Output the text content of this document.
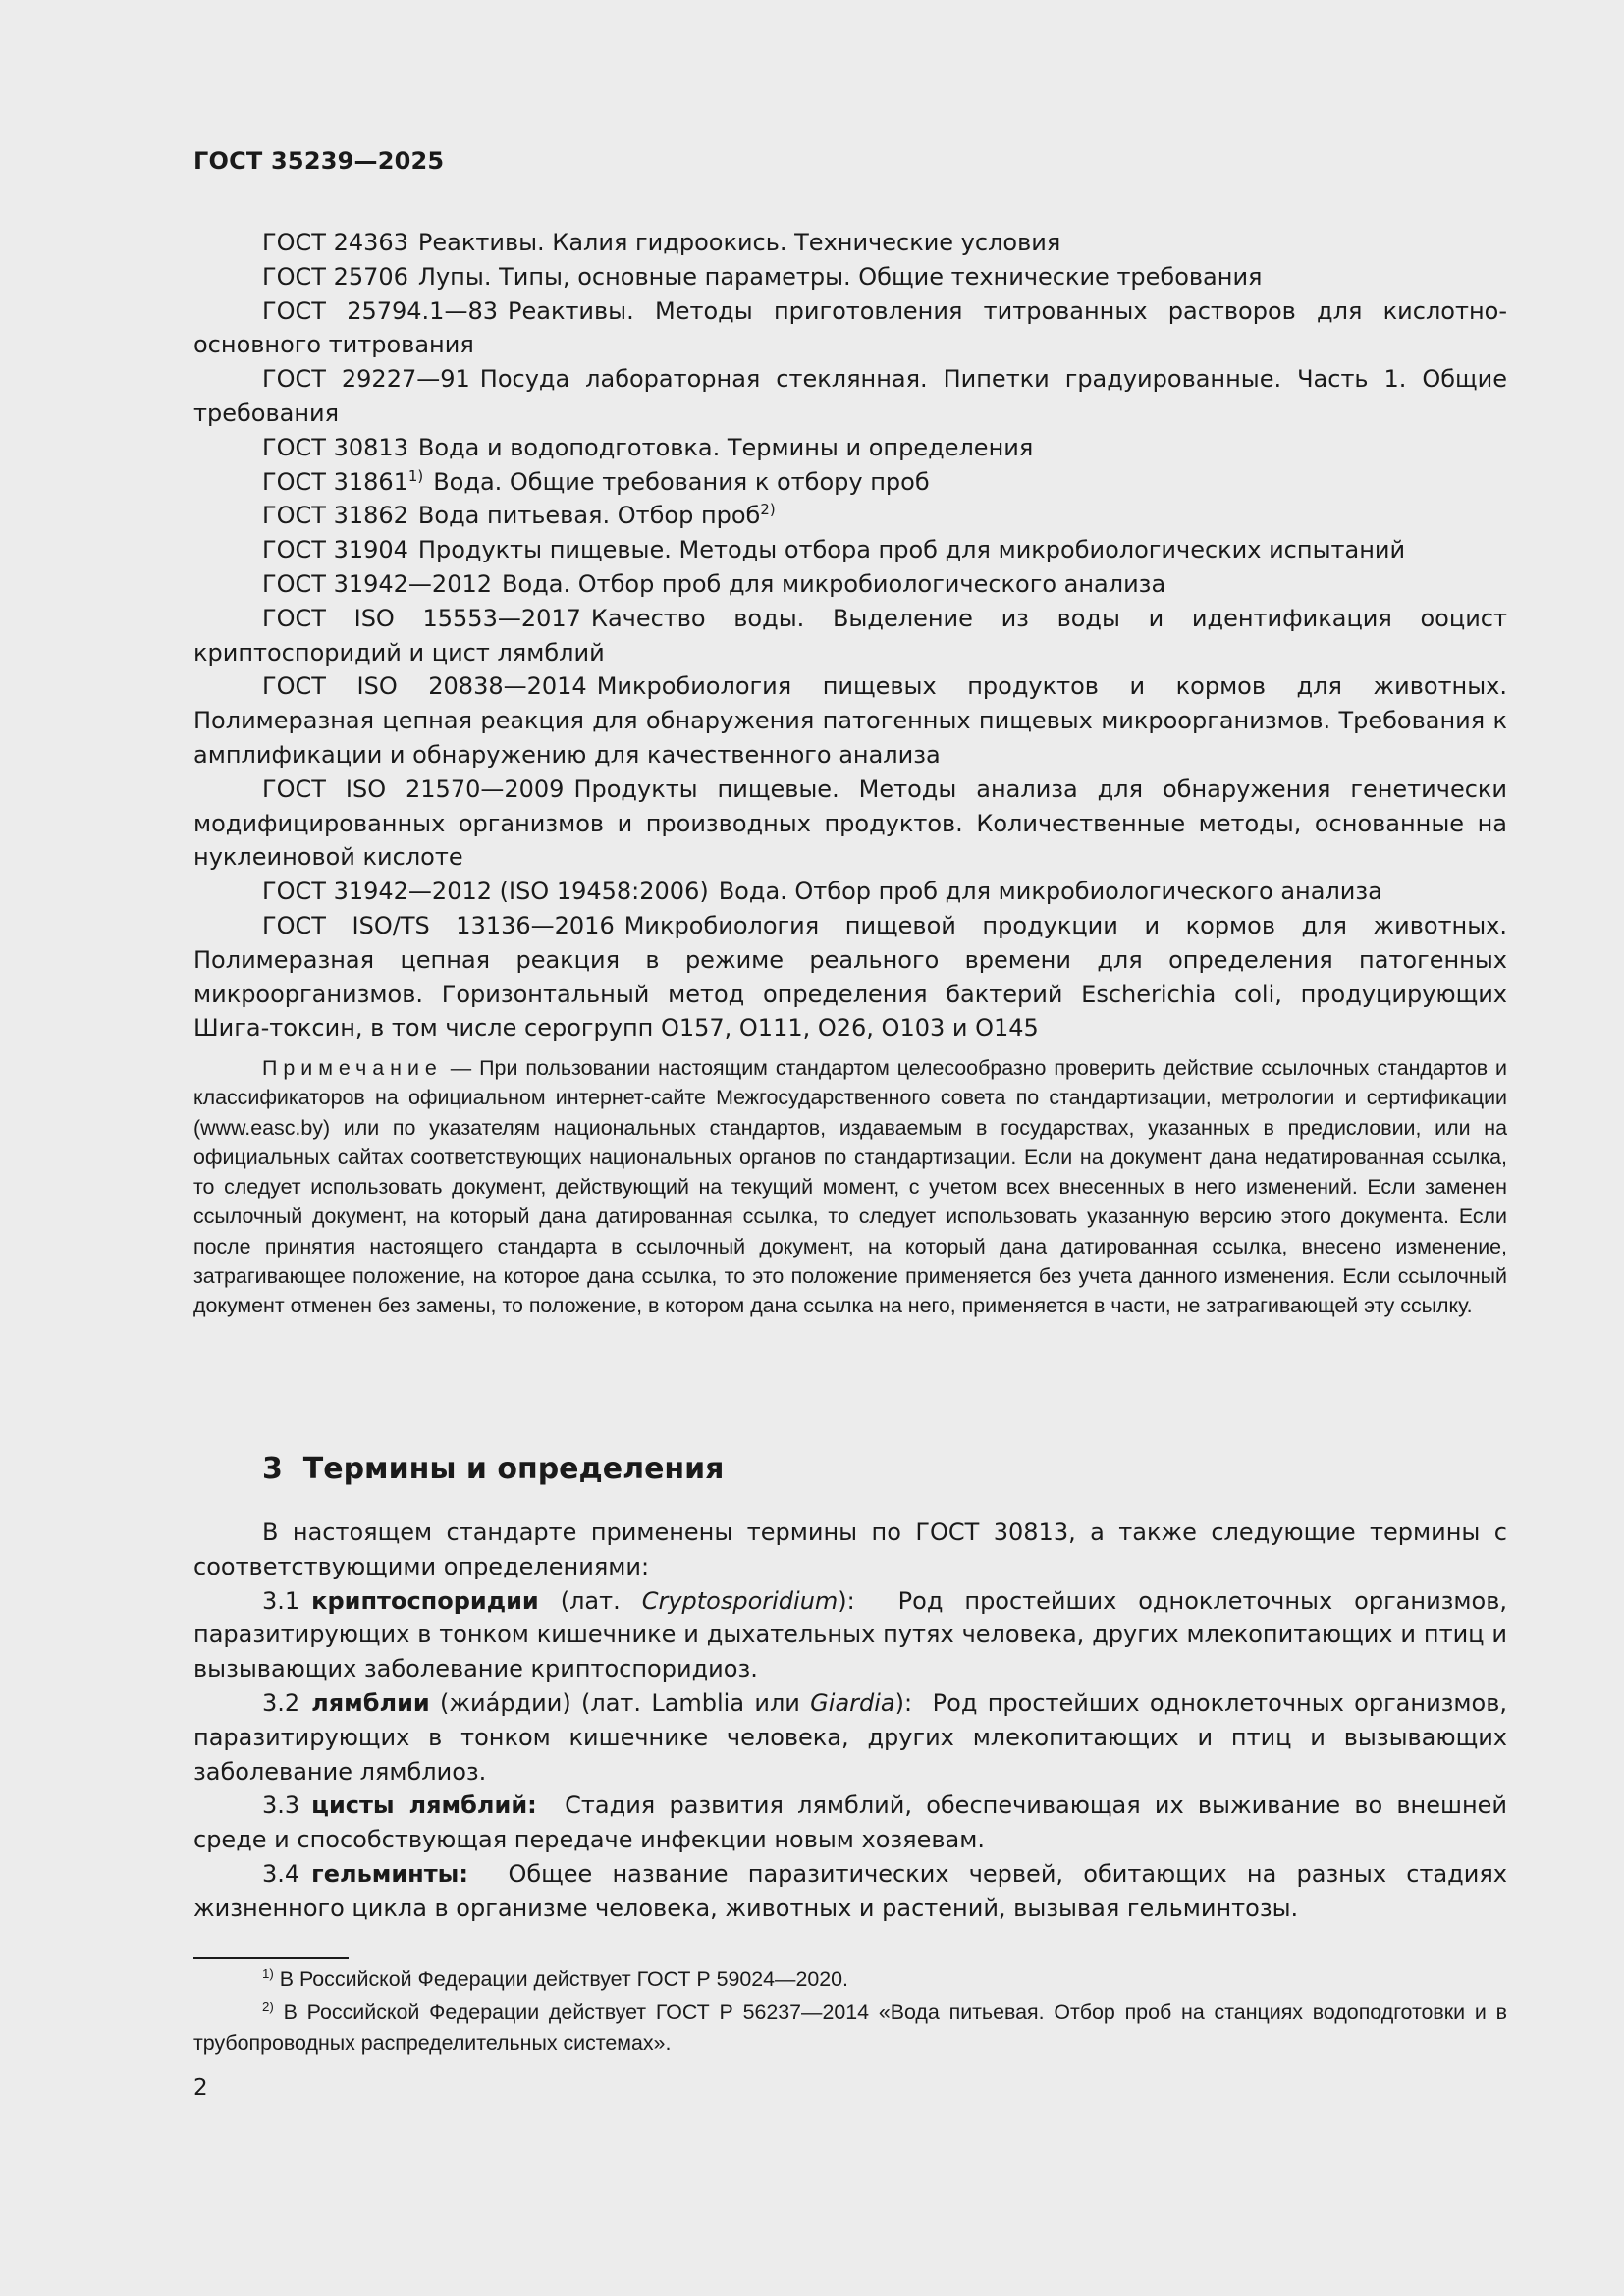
ГОСТ 35239—2025

ГОСТ 24363 Реактивы. Калия гидроокись. Технические условия

ГОСТ 25706 Лупы. Типы, основные параметры. Общие технические требования

ГОСТ 25794.1—83 Реактивы. Методы приготовления титрованных растворов для кислотно-основного титрования

ГОСТ 29227—91 Посуда лабораторная стеклянная. Пипетки градуированные. Часть 1. Общие требования

ГОСТ 30813 Вода и водоподготовка. Термины и определения

ГОСТ 31861$^{1)}$ Вода. Общие требования к отбору проб

ГОСТ 31862 Вода питьевая. Отбор проб$^{2)}$

ГОСТ 31904 Продукты пищевые. Методы отбора проб для микробиологических испытаний

ГОСТ 31942—2012 Вода. Отбор проб для микробиологического анализа

ГОСТ ISO 15553—2017 Качество воды. Выделение из воды и идентификация ооцист криптоспоридий и цист лямблий

ГОСТ ISO 20838—2014 Микробиология пищевых продуктов и кормов для животных. Полимеразная цепная реакция для обнаружения патогенных пищевых микроорганизмов. Требования к амплификации и обнаружению для качественного анализа

ГОСТ ISO 21570—2009 Продукты пищевые. Методы анализа для обнаружения генетически модифицированных организмов и производных продуктов. Количественные методы, основанные на нуклеиновой кислоте

ГОСТ 31942—2012 (ISO 19458:2006) Вода. Отбор проб для микробиологического анализа

ГОСТ ISO/TS 13136—2016 Микробиология пищевой продукции и кормов для животных. Полимеразная цепная реакция в режиме реального времени для определения патогенных микроорганизмов. Горизонтальный метод определения бактерий Escherichia coli, продуцирующих Шига-токсин, в том числе серогрупп O157, O111, O26, O103 и O145

Примечание — При пользовании настоящим стандартом целесообразно проверить действие ссылочных стандартов и классификаторов на официальном интернет-сайте Межгосударственного совета по стандартизации, метрологии и сертификации (www.easc.by) или по указателям национальных стандартов, издаваемым в государствах, указанных в предисловии, или на официальных сайтах соответствующих национальных органов по стандартизации. Если на документ дана недатированная ссылка, то следует использовать документ, действующий на текущий момент, с учетом всех внесенных в него изменений. Если заменен ссылочный документ, на который дана датированная ссылка, то следует использовать указанную версию этого документа. Если после принятия настоящего стандарта в ссылочный документ, на который дана датированная ссылка, внесено изменение, затрагивающее положение, на которое дана ссылка, то это положение применяется без учета данного изменения. Если ссылочный документ отменен без замены, то положение, в котором дана ссылка на него, применяется в части, не затрагивающей эту ссылку.

3 Термины и определения

В настоящем стандарте применены термины по ГОСТ 30813, а также следующие термины с соответствующими определениями:

3.1 криптоспоридии (лат. Cryptosporidium): Род простейших одноклеточных организмов, паразитирующих в тонком кишечнике и дыхательных путях человека, других млекопитающих и птиц и вызывающих заболевание криптоспоридиоз.

3.2 лямблии (жиа́рдии) (лат. Lamblia или Giardia): Род простейших одноклеточных организмов, паразитирующих в тонком кишечнике человека, других млекопитающих и птиц и вызывающих заболевание лямблиоз.

3.3 цисты лямблий: Стадия развития лямблий, обеспечивающая их выживание во внешней среде и способствующая передаче инфекции новым хозяевам.

3.4 гельминты: Общее название паразитических червей, обитающих на разных стадиях жизненного цикла в организме человека, животных и растений, вызывая гельминтозы.

$^{1)}$ В Российской Федерации действует ГОСТ Р 59024—2020.

$^{2)}$ В Российской Федерации действует ГОСТ Р 56237—2014 «Вода питьевая. Отбор проб на станциях водоподготовки и в трубопроводных распределительных системах».

2
